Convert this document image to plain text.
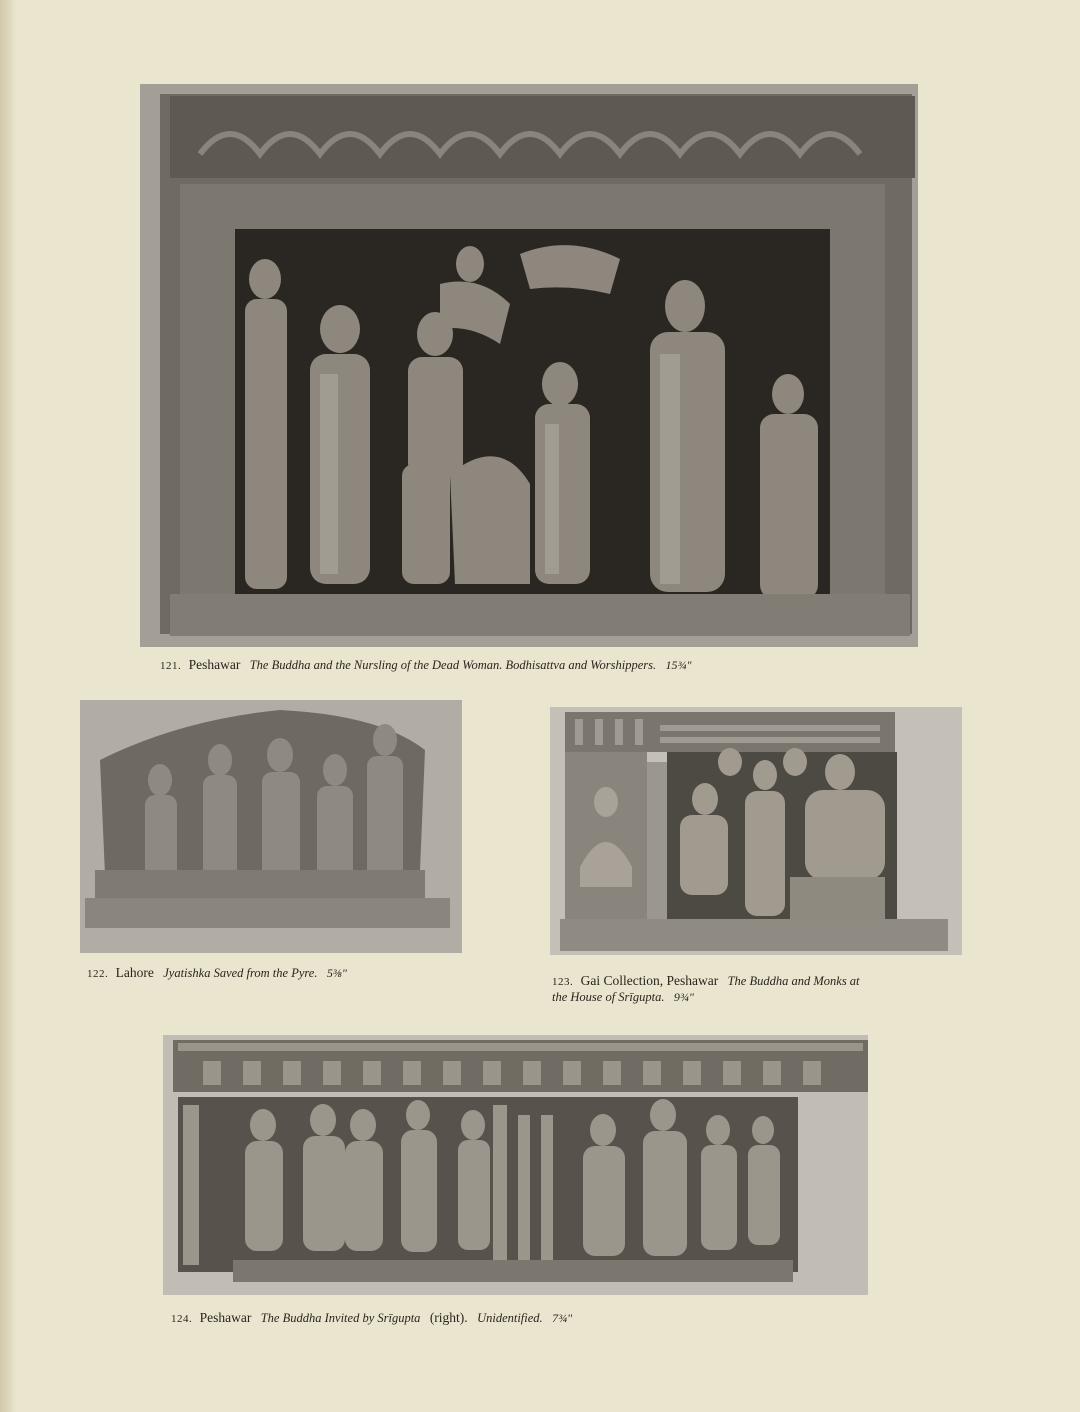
121. Peshawar The Buddha and the Nursling of the Dead Woman. Bodhisattva and Worshippers. 15¾"
122. Lahore Jyatishka Saved from the Pyre. 5⅜"
123. Gai Collection, Peshawar The Buddha and Monks at
the House of Srīgupta. 9¾"
124. Peshawar The Buddha Invited by Srīgupta (right). Unidentified. 7¾"
